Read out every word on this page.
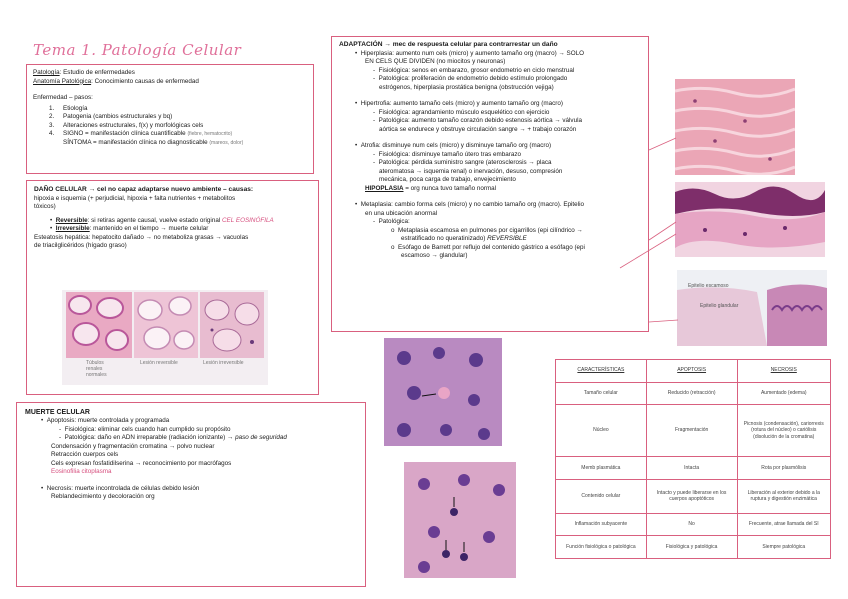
Tema 1. Patología Celular
Patología: Estudio de enfermedades
Anatomía Patológica: Conocimiento causas de enfermedad
Enfermedad – pasos:
1. Etiología
2. Patogenia (cambios estructurales y bq)
3. Alteraciones estructurales, f(x) y morfológicas cels
4. SIGNO = manifestación clínica cuantificable (fiebre, hematocrito)
SÍNTOMA = manifestación clínica no diagnosticable (mareos, dolor)
DAÑO CELULAR → cel no capaz adaptarse nuevo ambiente – causas:
hipoxia e isquemia (+ perjudicial, hipoxia + falta nutrientes + metabolitos
tóxicos)
•  Reversible: si retiras agente causal, vuelve estado original CEL EOSINÓFILA
•  Irreversible: mantenido en el tiempo → muerte celular
Esteatosis hepática: hepatocito dañado → no metaboliza grasas → vacuolas
de triacilglicéridos (hígado graso)
Túbulos renales normales
Lesión reversible	Lesión irreversible
ADAPTACIÓN → mec de respuesta celular para contrarrestar un daño
•  Hiperplasia: aumento num cels (micro) y aumento tamaño org (macro) → SOLO
EN CELS QUE DIVIDEN (no miocitos y neuronas)
-  Fisiológica: senos en embarazo, grosor endometrio en ciclo menstrual
-  Patológica: proliferación de endometrio debido estímulo prolongado
estrógenos, hiperplasia prostática benigna (obstrucción vejiga)
•  Hipertrofia: aumento tamaño cels (micro) y aumento tamaño org (macro)
-  Fisiológica: agrandamiento músculo esquelético con ejercicio
-  Patológica: aumento tamaño corazón debido estenosis aórtica → válvula
aórtica se endurece y obstruye circulación sangre → + trabajo corazón
•  Atrofia: disminuye num cels (micro) y disminuye tamaño org (macro)
-  Fisiológica: disminuye tamaño útero tras embarazo
-  Patológica: pérdida suministro sangre (aterosclerosis → placa
ateromatosa → isquemia renal) o inervación, desuso, compresión
mecánica, poca carga de trabajo, envejecimiento
HIPOPLASIA = org nunca tuvo tamaño normal
•  Metaplasia: cambio forma cels (micro) y no cambio tamaño org (macro). Epitelio
en una ubicación anormal
-  Patológica:
o  Metaplasia escamosa en pulmones por cigarrillos (epi cilíndrico →
estratificado no queratinizado) REVERSIBLE
o  Esófago de Barrett por reflujo del contenido gástrico a esófago (epi
escamoso → glandular)
Epitelio escamoso
Epitelio glandular
MUERTE CELULAR
•  Apoptosis: muerte controlada y programada
-  Fisiológica: eliminar cels cuando han cumplido su propósito
-  Patológica: daño en ADN irreparable (radiación ionizante) → paso de seguridad
Condensación y fragmentación cromatina → polvo nuclear
Retracción cuerpos cels
Cels expresan fosfatidilserina → reconocimiento por macrófagos
Eosinofilia citoplasma
•  Necrosis: muerte incontrolada de células debido lesión
Reblandecimiento y decoloración org
CARACTERÍSTICAS	APOPTOSIS	NECROSIS
Tamaño celular	Reducido (retracción)	Aumentado (edema)
Núcleo	Fragmentación	Picnosis (condensación), cariorrexis (rotura del núcleo) o cariólisis (disolución de la cromatina)
Memb plasmática	Intacta	Rota por plasmólisis
Contenido celular	Intacto y puede liberarse en los cuerpos apoptóticos	Liberación al exterior debido a la ruptura y digestión enzimática
Inflamación subyacente	No	Frecuente, atrae llamada del SI
Función fisiológica o patológica	Fisiológica y patológica	Siempre patológica
